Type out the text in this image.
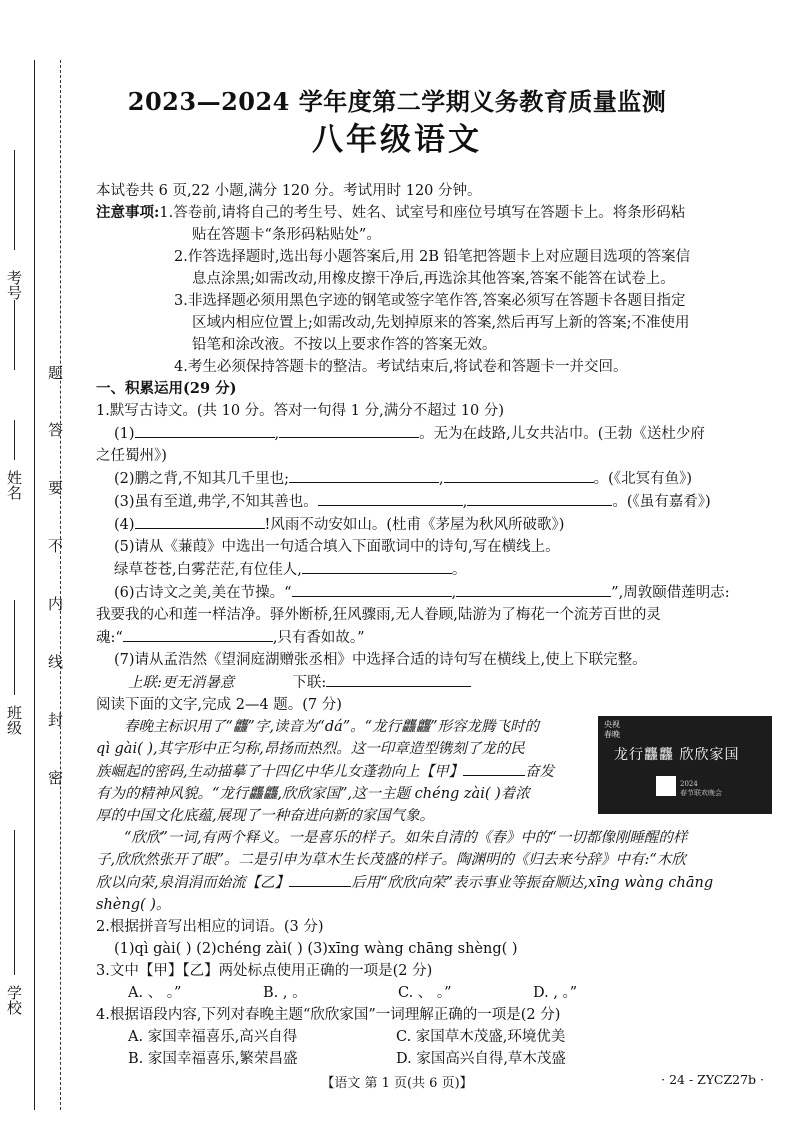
考号
姓名
班级
学校
题
答
要
不
内
线
封
密
2023—2024 学年度第二学期义务教育质量监测
八年级语文
本试卷共 6 页,22 小题,满分 120 分。考试用时 120 分钟。
注意事项:1.答卷前,请将自己的考生号、姓名、试室号和座位号填写在答题卡上。将条形码粘
贴在答题卡“条形码粘贴处”。
2.作答选择题时,选出每小题答案后,用 2B 铅笔把答题卡上对应题目选项的答案信
息点涂黑;如需改动,用橡皮擦干净后,再选涂其他答案,答案不能答在试卷上。
3.非选择题必须用黑色字迹的钢笔或签字笔作答,答案必须写在答题卡各题目指定
区域内相应位置上;如需改动,先划掉原来的答案,然后再写上新的答案;不准使用
铅笔和涂改液。不按以上要求作答的答案无效。
4.考生必须保持答题卡的整洁。考试结束后,将试卷和答题卡一并交回。
一、积累运用(29 分)
1.默写古诗文。(共 10 分。答对一句得 1 分,满分不超过 10 分)
(1)	,	。无为在歧路,儿女共沾巾。(王勃《送杜少府
之任蜀州》)
(2)鹏之背,不知其几千里也;	,	。(《北冥有鱼》)
(3)虽有至道,弗学,不知其善也。	,	。(《虽有嘉肴》)
(4)	!风雨不动安如山。(杜甫《茅屋为秋风所破歌》)
(5)请从《蒹葭》中选出一句适合填入下面歌词中的诗句,写在横线上。
绿草苍苍,白雾茫茫,有位佳人,	。
(6)古诗文之美,美在节操。“	,	”,周敦颐借莲明志:
我要我的心和莲一样洁净。驿外断桥,狂风骤雨,无人眷顾,陆游为了梅花一个流芳百世的灵
魂:“	,只有香如故。”
(7)请从孟浩然《望洞庭湖赠张丞相》中选择合适的诗句写在横线上,使上下联完整。
上联:更无消暑意	下联:
阅读下面的文字,完成 2—4 题。(7 分)
央视
春晚
龙行龘龘 欣欣家国
2024
春节联欢晚会
春晚主标识用了“龘”字,读音为“dá”。“龙行龘龘”形容龙腾飞时的
qì gài( ),其字形中正匀称,昂扬而热烈。这一印章造型镌刻了龙的民
族崛起的密码,生动描摹了十四亿中华儿女蓬勃向上【甲】	奋发
有为的精神风貌。“龙行龘龘,欣欣家国”,这一主题 chéng zài( )着浓
厚的中国文化底蕴,展现了一种奋进向新的家国气象。
“欣欣”一词,有两个释义。一是喜乐的样子。如朱自清的《春》中的“一切都像刚睡醒的样
子,欣欣然张开了眼”。二是引申为草木生长茂盛的样子。陶渊明的《归去来兮辞》中有:“木欣
欣以向荣,泉涓涓而始流【乙】	后用“欣欣向荣”表示事业等振奋顺达,xīng wàng chāng
shèng( )。
2.根据拼音写出相应的词语。(3 分)
(1)qì gài( ) (2)chéng zài( ) (3)xīng wàng chāng shèng( )
3.文中【甲】【乙】两处标点使用正确的一项是(2 分)
A. 、 。”	B. , 。	C. 、 。”	D. , 。”
4.根据语段内容,下列对春晚主题“欣欣家国”一词理解正确的一项是(2 分)
A. 家国幸福喜乐,高兴自得	C. 家国草木茂盛,环境优美
B. 家国幸福喜乐,繁荣昌盛	D. 家国高兴自得,草木茂盛
【语文 第 1 页(共 6 页)】	· 24 - ZYCZ27b ·
